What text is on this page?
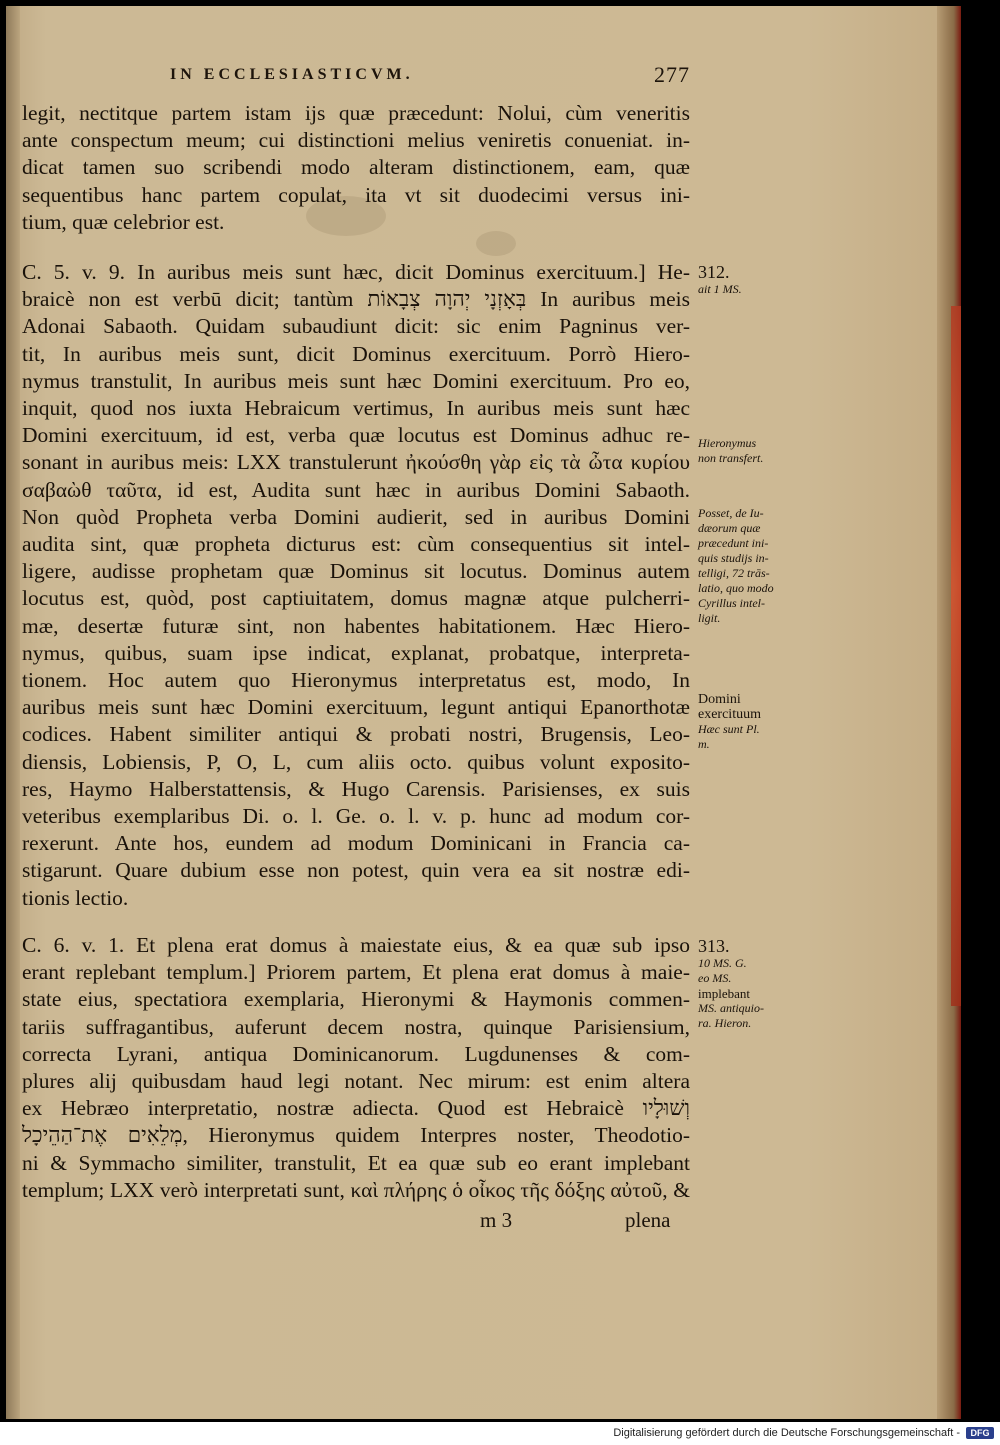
IN ECCLESIASTICVM.	277
legit, nectitque partem istam ijs quæ præcedunt: Nolui, cùm veneritis
ante conspectum meum; cui distinctioni melius veniretis conueniat. in-
dicat tamen suo scribendi modo alteram distinctionem, eam, quæ
sequentibus hanc partem copulat, ita vt sit duodecimi versus ini-
tium, quæ celebrior est.
C. 5. v. 9. In auribus meis sunt hæc, dicit Dominus exercituum.] He-
braicè non est verbū dicit; tantùm בְּאָזְנָי יְהוָה צְבָאוֹת In auribus meis
Adonai Sabaoth. Quidam subaudiunt dicit: sic enim Pagninus ver-
tit, In auribus meis sunt, dicit Dominus exercituum. Porrò Hiero-
nymus transtulit, In auribus meis sunt hæc Domini exercituum. Pro eo,
inquit, quod nos iuxta Hebraicum vertimus, In auribus meis sunt hæc
Domini exercituum, id est, verba quæ locutus est Dominus adhuc re-
sonant in auribus meis: LXX transtulerunt ἠκούσθη γὰρ εἰς τὰ ὦτα κυρίου
σαβαὼθ ταῦτα, id est, Audita sunt hæc in auribus Domini Sabaoth.
Non quòd Propheta verba Domini audierit, sed in auribus Domini
audita sint, quæ propheta dicturus est: cùm consequentius sit intel-
ligere, audisse prophetam quæ Dominus sit locutus. Dominus autem
locutus est, quòd, post captiuitatem, domus magnæ atque pulcherri-
mæ, desertæ futuræ sint, non habentes habitationem. Hæc Hiero-
nymus, quibus, suam ipse indicat, explanat, probatque, interpreta-
tionem. Hoc autem quo Hieronymus interpretatus est, modo, In
auribus meis sunt hæc Domini exercituum, legunt antiqui Epanorthotæ
codices. Habent similiter antiqui & probati nostri, Brugensis, Leo-
diensis, Lobiensis, P, O, L, cum aliis octo. quibus volunt exposito-
res, Haymo Halberstattensis, & Hugo Carensis. Parisienses, ex suis
veteribus exemplaribus Di. o. l. Ge. o. l. v. p. hunc ad modum cor-
rexerunt. Ante hos, eundem ad modum Dominicani in Francia ca-
stigarunt. Quare dubium esse non potest, quin vera ea sit nostræ edi-
tionis lectio.
C. 6. v. 1. Et plena erat domus à maiestate eius, & ea quæ sub ipso
erant replebant templum.] Priorem partem, Et plena erat domus à maie-
state eius, spectatiora exemplaria, Hieronymi & Haymonis commen-
tariis suffragantibus, auferunt decem nostra, quinque Parisiensium,
correcta Lyrani, antiqua Dominicanorum. Lugdunenses & com-
plures alij quibusdam haud legi notant. Nec mirum: est enim altera
ex Hebræo interpretatio, nostræ adiecta. Quod est Hebraicè וְשׁוּלָיו
מְלֵאִים אֶת־הַהֵיכָל, Hieronymus quidem Interpres noster, Theodotio-
ni & Symmacho similiter, transtulit, Et ea quæ sub eo erant implebant
templum; LXX verò interpretati sunt, καὶ πλήρης ὁ οἶκος τῆς δόξης αὐτοῦ, &
312.
ait 1 MS.
Hieronymus
non transfert.
Posset, de Iu-
dæorum quæ
præcedunt ini-
quis studijs in-
telligi, 72 trās-
latio, quo modo
Cyrillus intel-
ligit.
Domini
exercituum
Hæc sunt Pl.
m.
313.
10 MS. G.
eo MS.
implebant
MS. antiquio-
ra. Hieron.
m 3	plena
Digitalisierung gefördert durch die Deutsche Forschungsgemeinschaft -	DFG
